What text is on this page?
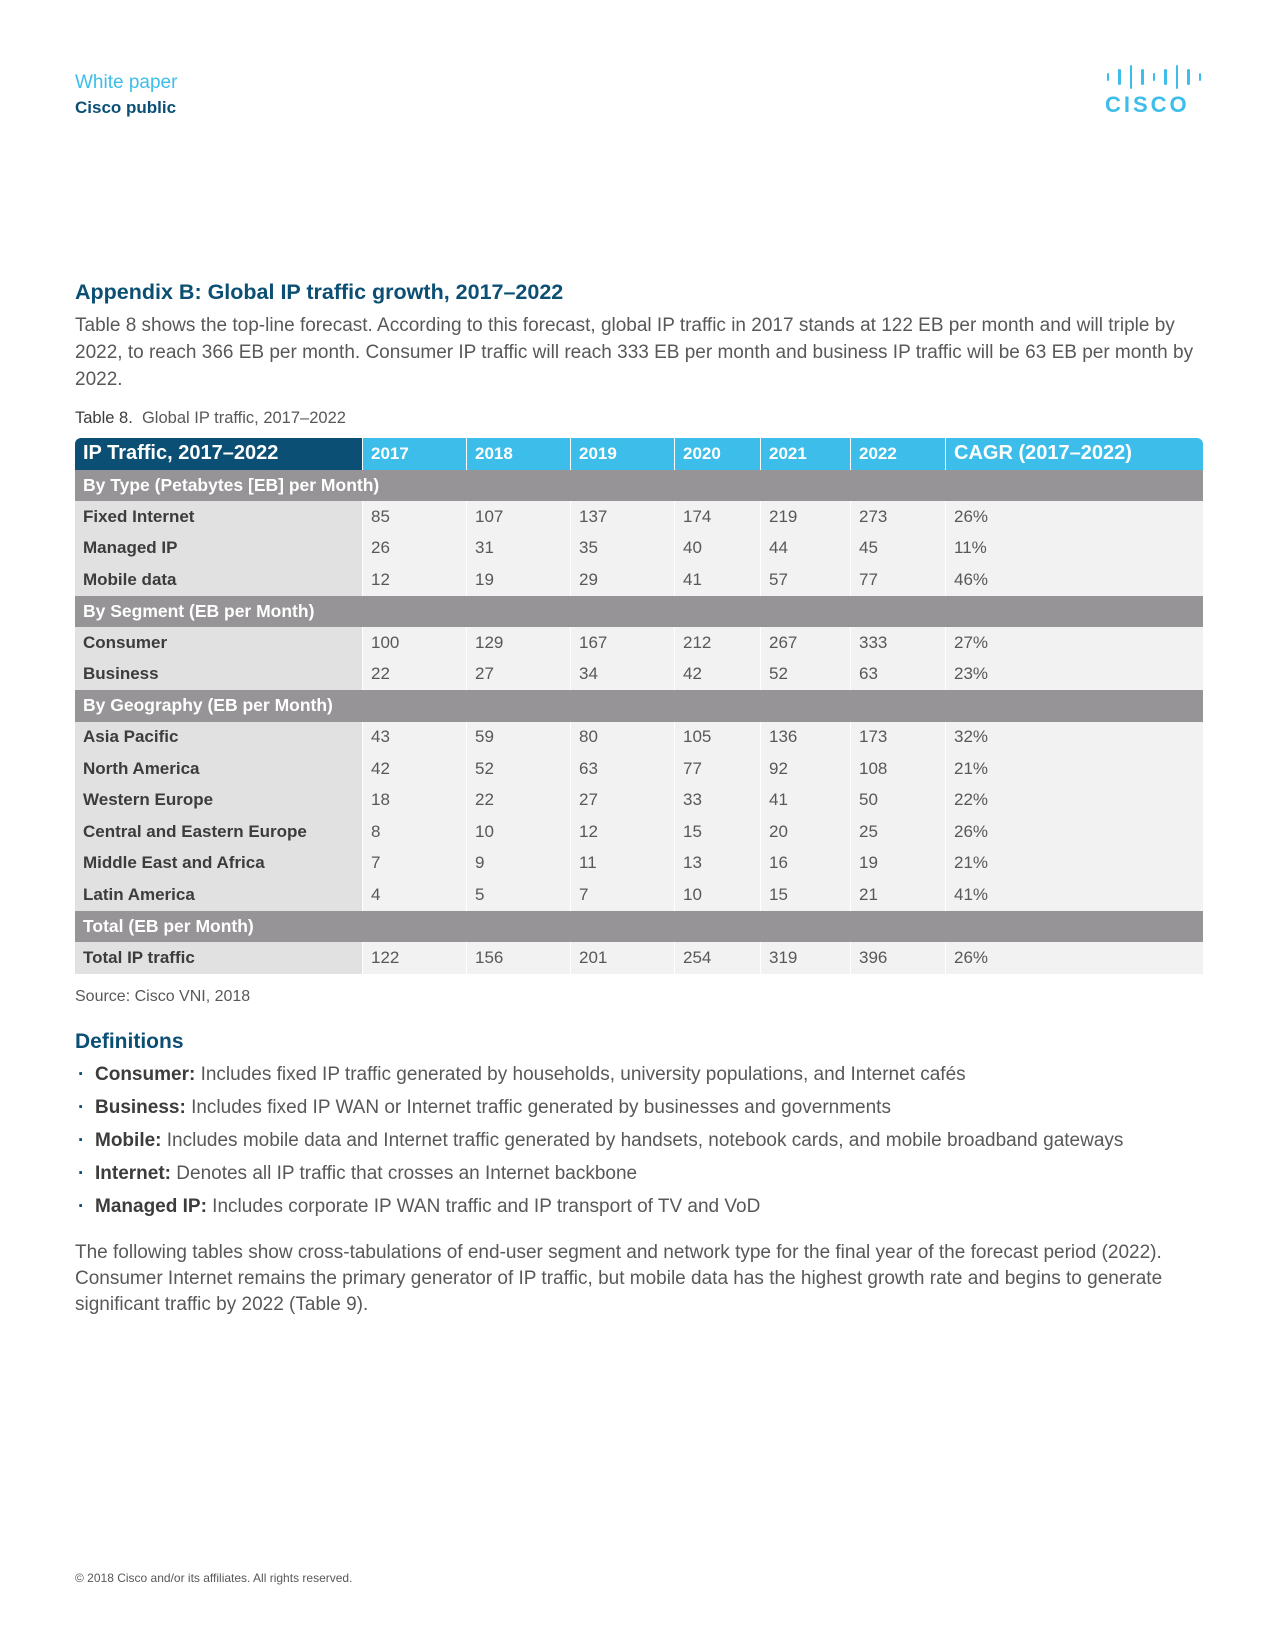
White paper
Cisco public	CISCO
Appendix B: Global IP traffic growth, 2017–2022

Table 8 shows the top-line forecast. According to this forecast, global IP traffic in 2017 stands at 122 EB per month and will triple by 2022, to reach 366 EB per month. Consumer IP traffic will reach 333 EB per month and business IP traffic will be 63 EB per month by 2022.

Table 8. Global IP traffic, 2017–2022
IP Traffic, 2017–2022	2017	2018	2019	2020	2021	2022	CAGR (2017–2022)
By Type (Petabytes [EB] per Month)							
Fixed Internet	85	107	137	174	219	273	26%
Managed IP	26	31	35	40	44	45	11%
Mobile data	12	19	29	41	57	77	46%
By Segment (EB per Month)							
Consumer	100	129	167	212	267	333	27%
Business	22	27	34	42	52	63	23%
By Geography (EB per Month)							
Asia Pacific	43	59	80	105	136	173	32%
North America	42	52	63	77	92	108	21%
Western Europe	18	22	27	33	41	50	22%
Central and Eastern Europe	8	10	12	15	20	25	26%
Middle East and Africa	7	9	11	13	16	19	21%
Latin America	4	5	7	10	15	21	41%
Total (EB per Month)							
Total IP traffic	122	156	201	254	319	396	26%
Source: Cisco VNI, 2018
Definitions
· Consumer: Includes fixed IP traffic generated by households, university populations, and Internet cafés
· Business: Includes fixed IP WAN or Internet traffic generated by businesses and governments
· Mobile: Includes mobile data and Internet traffic generated by handsets, notebook cards, and mobile broadband gateways
· Internet: Denotes all IP traffic that crosses an Internet backbone
· Managed IP: Includes corporate IP WAN traffic and IP transport of TV and VoD

The following tables show cross-tabulations of end-user segment and network type for the final year of the forecast period (2022). Consumer Internet remains the primary generator of IP traffic, but mobile data has the highest growth rate and begins to generate significant traffic by 2022 (Table 9).

© 2018 Cisco and/or its affiliates. All rights reserved.
